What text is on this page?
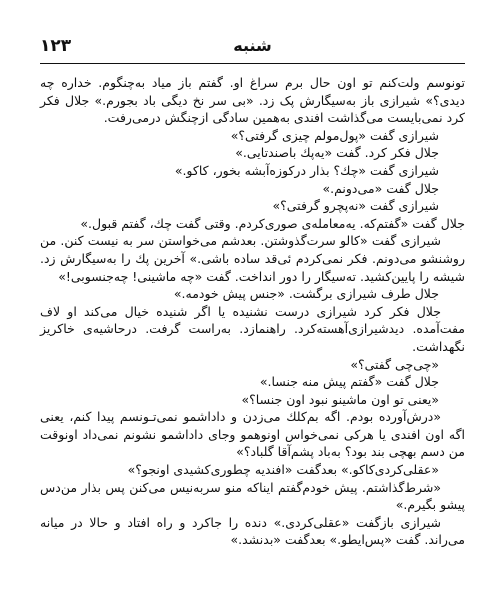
۱۲۳	شنبه

تونوسم ولت‌کنم تو اون حال برم سراغ او. گفتم باز میاد به‌چنگوم. خداره چه دیدی؟» شیرازی باز به‌سیگارش پک زد. «بی سر نخ دیگی باد بجورم.» جلال فکر کرد نمی‌بایست می‌گذاشت افندی به‌همین سادگی ازچنگش در‌می‌رفت.

شیرازی گفت «پول‌مولم چیزی گرفتی؟»

جلال فکر کرد. گفت «یه‌پك باصندتایی.»

شیرازی گفت «چك؟ بذار درکوزه‌آبشه بخور، کاکو.»

جلال گفت «می‌دونم.»

شیرازی گفت «نه‌پچرو گرفتی؟»

جلال گفت «گفتم‌که. یه‌معامله‌ی صوری‌کردم. وقتی گفت چك، گفتم قبول.»

شیرازی گفت «کالو سرت‌گذوشتن. بعدشم می‌خواستن سر به نیست کنن. من روشنشو می‌دونم. فکر نمی‌کردم ئی‌قد ساده باشی.» آخرین پك را به‌سیگارش زد. شیشه را پایین‌کشید. ته‌سیگار را دور انداخت. گفت «چه ماشینی! چه‌جنسوبی!»

جلال طرف شیرازی برگشت. «جنس پیش خودمه.»

جلال فکر کرد شیرازی درست نشنیده یا اگر شنیده خیال می‌کند او لاف مفت‌آمده. دیدشیرازی‌آهسته‌کرد. راهنما‌زد. به‌راست گرفت. درحاشیه‌ی خاکریز نگهداشت.

«چی‌چی گفتی؟»

جلال گفت «گفتم پیش منه جنسا.»

«یعنی تو اون ماشینو نبود اون جنسا؟»

«درش‌آورده بودم. اگه بم‌کلك می‌زدن و داداشمو نمی‌تـونسم پیدا کنم، یعنی اگه اون افندی یا هرکی نمی‌خواس اونوهمو وجای داداشمو نشونم نمی‌داد اونوقت من دسم بهچی بند بود؟ به‌باد پشم‌آقا گلباد؟»

«عقلی‌کردی‌کاکو.» بعدگفت «افندیه چطوری‌کشیدی اونجو؟»

«شرط‌گذاشتم. پیش خودم‌گفتم اینا‌که منو سربه‌نیس می‌کنن پس بذار من‌دس پیشو بگیرم.»

شیرازی باز‌گفت «عقلی‌کردی.» دنده را جاکرد و راه افتاد و حالا در میانه می‌راند. گفت «پس‌ایطو.» بعدگفت «بدنشد.»
